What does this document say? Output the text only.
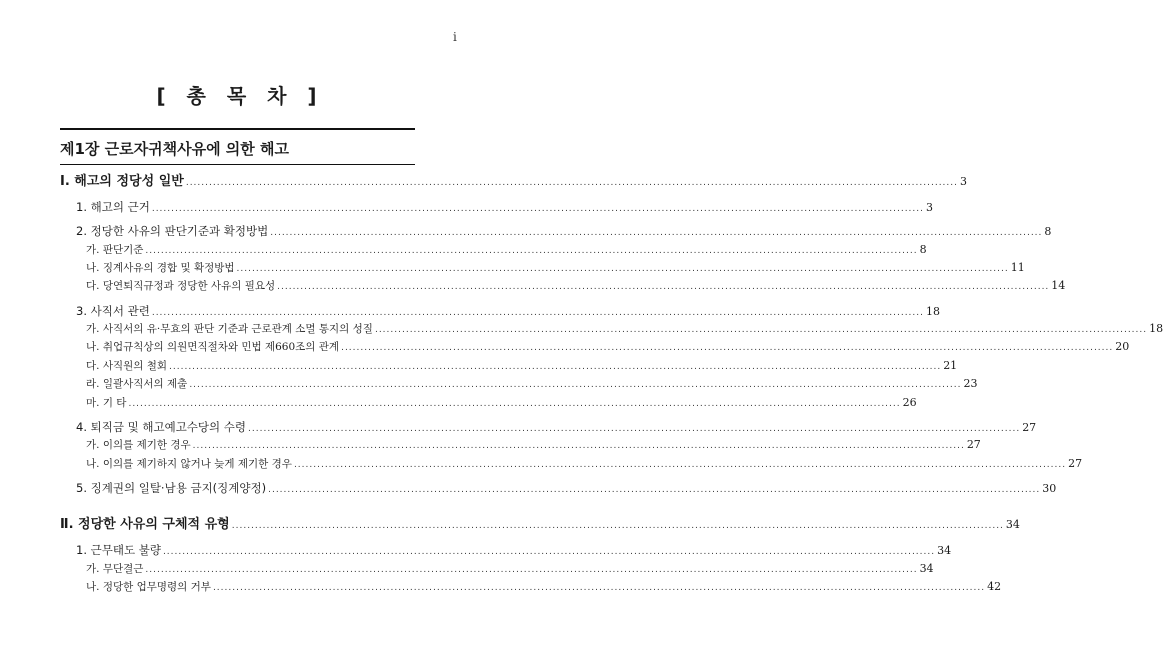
i
[ 총 목 차 ]
제1장 근로자귀책사유에 의한 해고
Ⅰ. 해고의 정당성 일반 ........................................................................................................................................................................................................ 3
1. 해고의 근거 ........................................................................................................................................................................................................ 3
2. 정당한 사유의 판단기준과 확정방법 ........................................................................................................................................................................................................ 8
가. 판단기준 ........................................................................................................................................................................................................ 8
나. 징계사유의 경합 및 확정방법 ........................................................................................................................................................................................................ 11
다. 당연퇴직규정과 정당한 사유의 필요성 ........................................................................................................................................................................................................ 14
3. 사직서 관련 ........................................................................................................................................................................................................ 18
가. 사직서의 유·무효의 판단 기준과 근로관계 소멸 통지의 성질 ........................................................................................................................................................................................................ 18
나. 취업규칙상의 의원면직절차와 민법 제660조의 관계 ........................................................................................................................................................................................................ 20
다. 사직원의 철회 ........................................................................................................................................................................................................ 21
라. 일괄사직서의 제출 ........................................................................................................................................................................................................ 23
마. 기 타 ........................................................................................................................................................................................................ 26
4. 퇴직금 및 해고예고수당의 수령 ........................................................................................................................................................................................................ 27
가. 이의를 제기한 경우 ........................................................................................................................................................................................................ 27
나. 이의를 제기하지 않거나 늦게 제기한 경우 ........................................................................................................................................................................................................ 27
5. 징계권의 일탈·남용 금지(징계양정) ........................................................................................................................................................................................................ 30
Ⅱ. 정당한 사유의 구체적 유형 ........................................................................................................................................................................................................ 34
1. 근무태도 불량 ........................................................................................................................................................................................................ 34
가. 무단결근 ........................................................................................................................................................................................................ 34
나. 정당한 업무명령의 거부 ........................................................................................................................................................................................................ 42
